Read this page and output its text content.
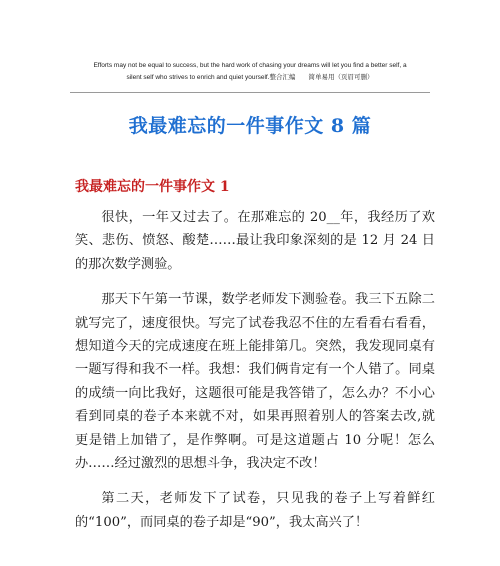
Efforts may not be equal to success, but the hard work of chasing your dreams will let you find a better self, a
silent self who strives to enrich and quiet yourself.整合汇编　　简单易用（页眉可删）
我最难忘的一件事作文 8 篇
我最难忘的一件事作文 1

很快，一年又过去了。在那难忘的 20__年，我经历了欢笑、悲伤、愤怒、酸楚……最让我印象深刻的是 12 月 24 日的那次数学测验。

那天下午第一节课，数学老师发下测验卷。我三下五除二就写完了，速度很快。写完了试卷我忍不住的左看看右看看，想知道今天的完成速度在班上能排第几。突然，我发现同桌有一题写得和我不一样。我想：我们俩肯定有一个人错了。同桌的成绩一向比我好，这题很可能是我答错了，怎么办？不小心看到同桌的卷子本来就不对，如果再照着别人的答案去改,就更是错上加错了，是作弊啊。可是这道题占 10 分呢！怎么办……经过激烈的思想斗争，我决定不改！

第二天，老师发下了试卷，只见我的卷子上写着鲜红的“100”，而同桌的卷子却是“90”，我太高兴了！
